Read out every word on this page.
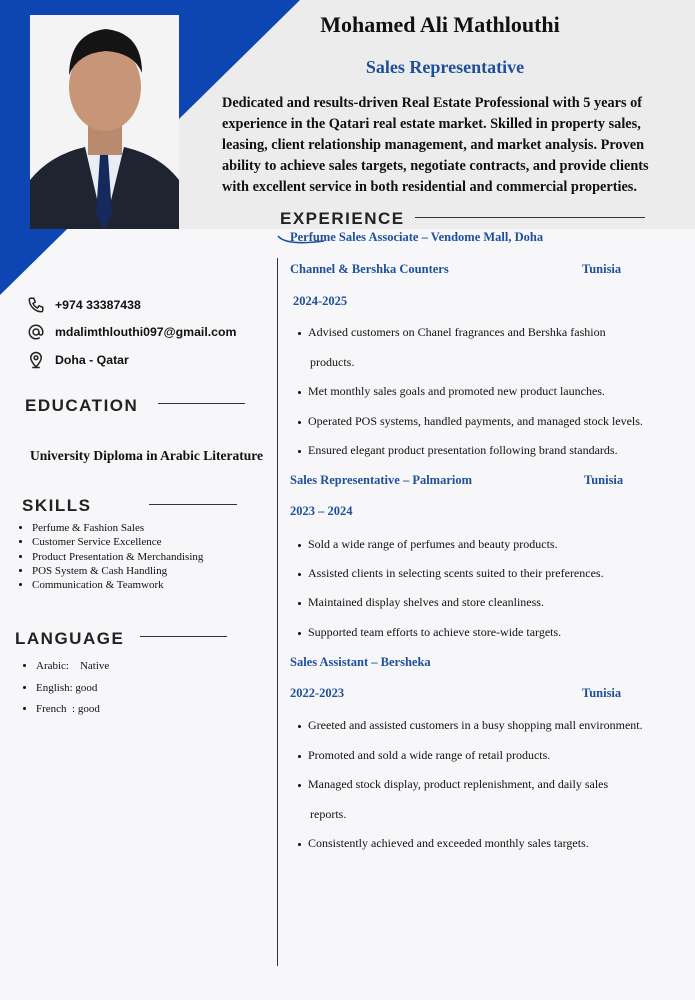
Mohamed Ali Mathlouthi
Sales Representative
Dedicated and results-driven Real Estate Professional with 5 years of experience in the Qatari real estate market. Skilled in property sales, leasing, client relationship management, and market analysis. Proven ability to achieve sales targets, negotiate contracts, and provide clients with excellent service in both residential and commercial properties.
+974 33387438
mdalimthlouthi097@gmail.com
Doha - Qatar
EDUCATION
University Diploma in Arabic Literature
SKILLS
• Perfume & Fashion Sales
• Customer Service Excellence
• Product Presentation & Merchandising
• POS System & Cash Handling
• Communication & Teamwork
LANGUAGE
• Arabic:    Native
• English: good
• French  : good
EXPERIENCE
Perfume Sales Associate – Vendome Mall, Doha
Channel & Bershka Counters	Tunisia
2024-2025
Advised customers on Chanel fragrances and Bershka fashion
products.
Met monthly sales goals and promoted new product launches.
Operated POS systems, handled payments, and managed stock levels.
Ensured elegant product presentation following brand standards.
Sales Representative – Palmariom	Tunisia
2023 – 2024
Sold a wide range of perfumes and beauty products.
Assisted clients in selecting scents suited to their preferences.
Maintained display shelves and store cleanliness.
Supported team efforts to achieve store-wide targets.
Sales Assistant – Bersheka
2022-2023	Tunisia
Greeted and assisted customers in a busy shopping mall environment.
Promoted and sold a wide range of retail products.
Managed stock display, product replenishment, and daily sales
reports.
Consistently achieved and exceeded monthly sales targets.
